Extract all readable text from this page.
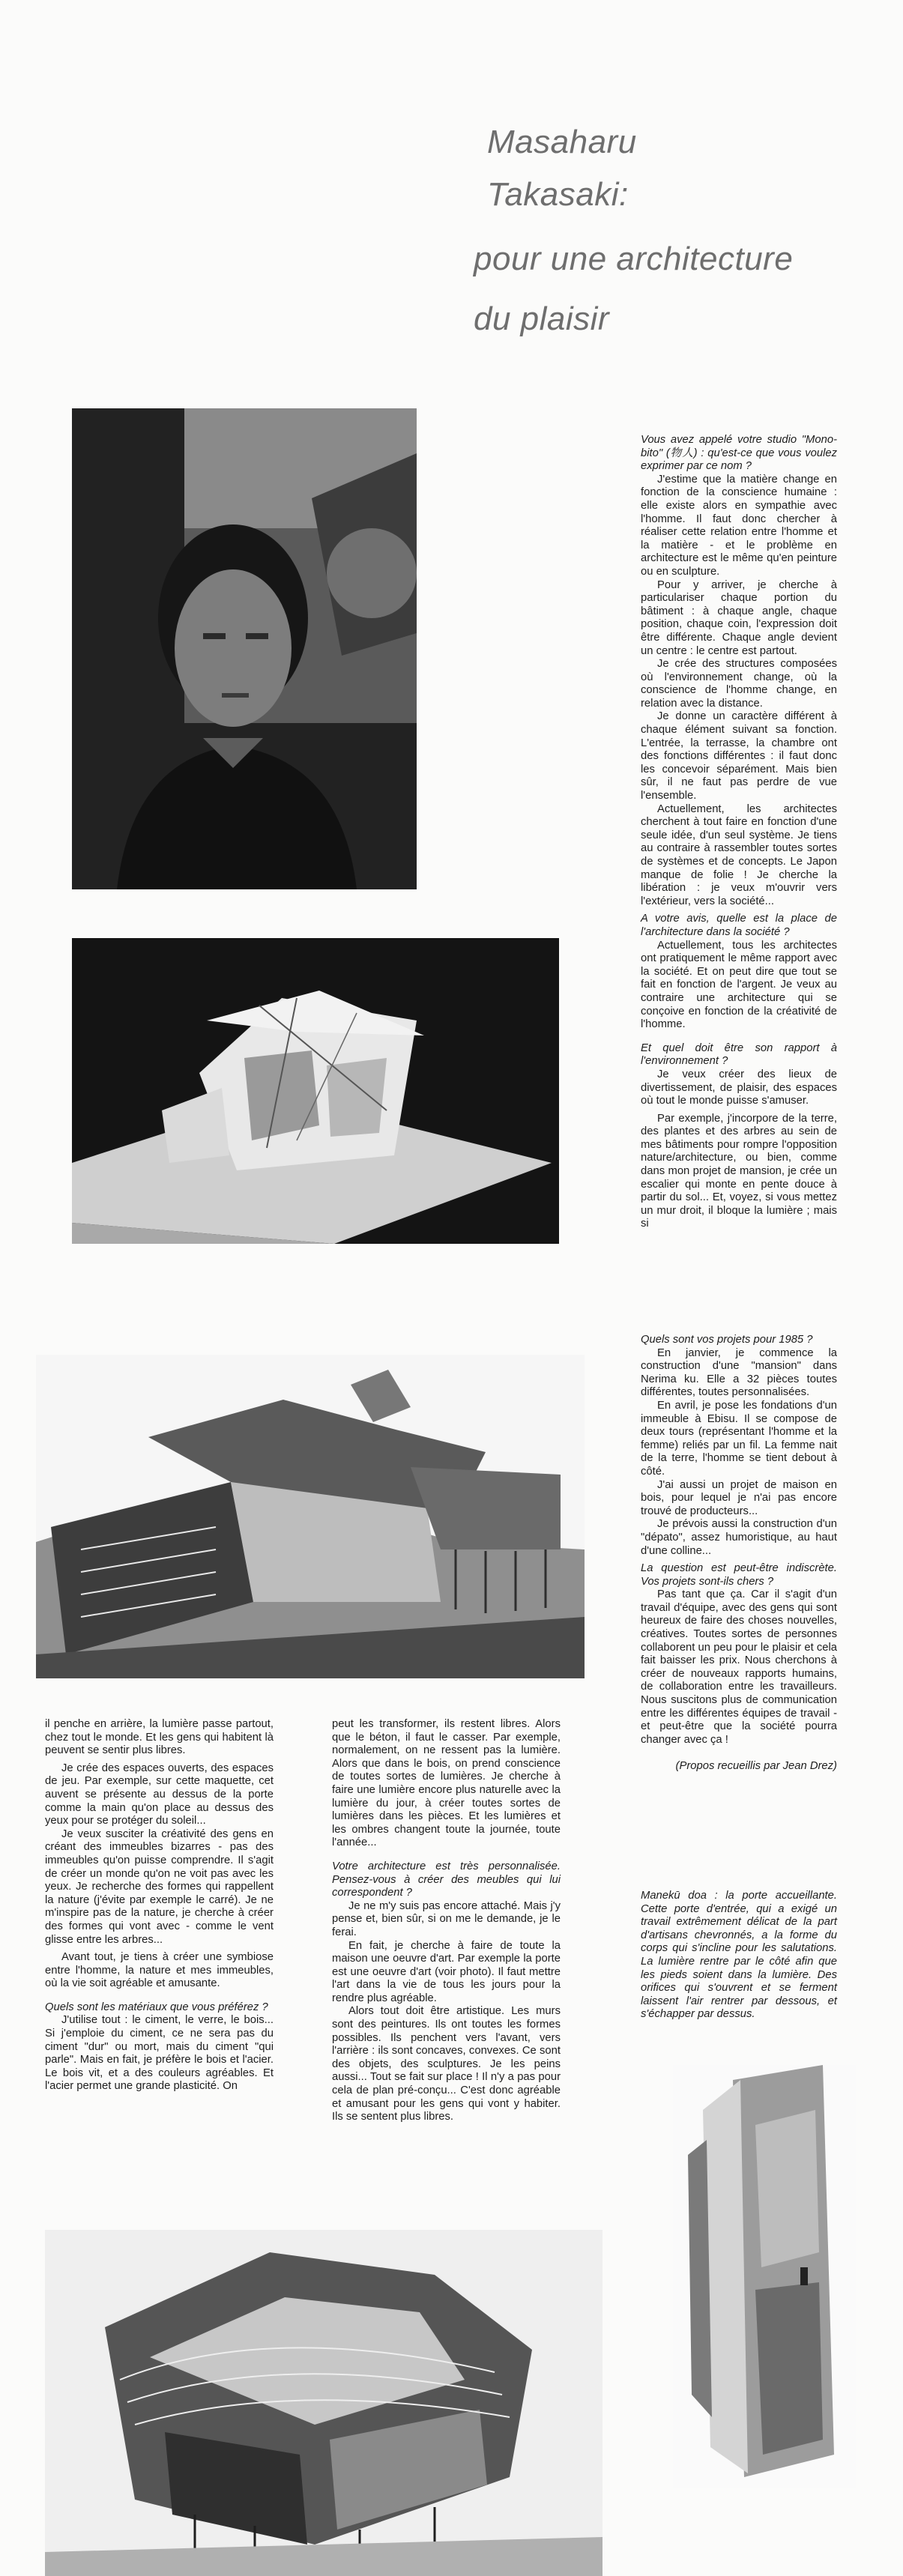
Masaharu
Takasaki:
pour une architecture
du plaisir

Vous avez appelé votre studio "Mono-bito" (物人) : qu'est-ce que vous voulez exprimer par ce nom ?

J'estime que la matière change en fonction de la conscience humaine : elle existe alors en sympathie avec l'homme. Il faut donc chercher à réaliser cette relation entre l'homme et la matière - et le problème en architecture est le même qu'en peinture ou en sculpture.

Pour y arriver, je cherche à particulariser chaque portion du bâtiment : à chaque angle, chaque position, chaque coin, l'expression doit être différente. Chaque angle devient un centre : le centre est partout.

Je crée des structures composées où l'environnement change, où la conscience de l'homme change, en relation avec la distance.

Je donne un caractère différent à chaque élément suivant sa fonction. L'entrée, la terrasse, la chambre ont des fonctions différentes : il faut donc les concevoir séparément. Mais bien sûr, il ne faut pas perdre de vue l'ensemble.

Actuellement, les architectes cherchent à tout faire en fonction d'une seule idée, d'un seul système. Je tiens au contraire à rassembler toutes sortes de systèmes et de concepts. Le Japon manque de folie ! Je cherche la libération : je veux m'ouvrir vers l'extérieur, vers la société...

A votre avis, quelle est la place de l'architecture dans la société ?

Actuellement, tous les architectes ont pratiquement le même rapport avec la société. Et on peut dire que tout se fait en fonction de l'argent. Je veux au contraire une architecture qui se conçoive en fonction de la créativité de l'homme.

Et quel doit être son rapport à l'environnement ?

Je veux créer des lieux de divertissement, de plaisir, des espaces où tout le monde puisse s'amuser.

Par exemple, j'incorpore de la terre, des plantes et des arbres au sein de mes bâtiments pour rompre l'opposition nature/architecture, ou bien, comme dans mon projet de mansion, je crée un escalier qui monte en pente douce à partir du sol... Et, voyez, si vous mettez un mur droit, il bloque la lumière ; mais si

Quels sont vos projets pour 1985 ?

En janvier, je commence la construction d'une "mansion" dans Nerima ku. Elle a 32 pièces toutes différentes, toutes personnalisées.

En avril, je pose les fondations d'un immeuble à Ebisu. Il se compose de deux tours (représentant l'homme et la femme) reliés par un fil. La femme nait de la terre, l'homme se tient debout à côté.

J'ai aussi un projet de maison en bois, pour lequel je n'ai pas encore trouvé de producteurs...

Je prévois aussi la construction d'un "dépato", assez humoristique, au haut d'une colline...

La question est peut-être indiscrète. Vos projets sont-ils chers ?

Pas tant que ça. Car il s'agit d'un travail d'équipe, avec des gens qui sont heureux de faire des choses nouvelles, créatives. Toutes sortes de personnes collaborent un peu pour le plaisir et cela fait baisser les prix. Nous cherchons à créer de nouveaux rapports humains, de collaboration entre les travailleurs. Nous suscitons plus de communication entre les différentes équipes de travail - et peut-être que la société pourra changer avec ça !

(Propos recueillis par Jean Drez)

il penche en arrière, la lumière passe partout, chez tout le monde. Et les gens qui habitent là peuvent se sentir plus libres.

Je crée des espaces ouverts, des espaces de jeu. Par exemple, sur cette maquette, cet auvent se présente au dessus de la porte comme la main qu'on place au dessus des yeux pour se protéger du soleil...

Je veux susciter la créativité des gens en créant des immeubles bizarres - pas des immeubles qu'on puisse comprendre. Il s'agit de créer un monde qu'on ne voit pas avec les yeux. Je recherche des formes qui rappellent la nature (j'évite par exemple le carré). Je ne m'inspire pas de la nature, je cherche à créer des formes qui vont avec - comme le vent glisse entre les arbres...

Avant tout, je tiens à créer une symbiose entre l'homme, la nature et mes immeubles, où la vie soit agréable et amusante.

Quels sont les matériaux que vous préférez ?

J'utilise tout : le ciment, le verre, le bois... Si j'emploie du ciment, ce ne sera pas du ciment "dur" ou mort, mais du ciment "qui parle". Mais en fait, je préfère le bois et l'acier. Le bois vit, et a des couleurs agréables. Et l'acier permet une grande plasticité. On

peut les transformer, ils restent libres. Alors que le béton, il faut le casser. Par exemple, normalement, on ne ressent pas la lumière. Alors que dans le bois, on prend conscience de toutes sortes de lumières. Je cherche à faire une lumière encore plus naturelle avec la lumière du jour, à créer toutes sortes de lumières dans les pièces. Et les lumières et les ombres changent toute la journée, toute l'année...

Votre architecture est très personnalisée. Pensez-vous à créer des meubles qui lui correspondent ?

Je ne m'y suis pas encore attaché. Mais j'y pense et, bien sûr, si on me le demande, je le ferai.

En fait, je cherche à faire de toute la maison une oeuvre d'art. Par exemple la porte est une oeuvre d'art (voir photo). Il faut mettre l'art dans la vie de tous les jours pour la rendre plus agréable.

Alors tout doit être artistique. Les murs sont des peintures. Ils ont toutes les formes possibles. Ils penchent vers l'avant, vers l'arrière : ils sont concaves, convexes. Ce sont des objets, des sculptures. Je les peins aussi... Tout se fait sur place ! Il n'y a pas pour cela de plan pré-conçu... C'est donc agréable et amusant pour les gens qui vont y habiter. Ils se sentent plus libres.

Manekū doa : la porte accueillante. Cette porte d'entrée, qui a exigé un travail extrêmement délicat de la part d'artisans chevronnés, a la forme du corps qui s'incline pour les salutations. La lumière rentre par le côté afin que les pieds soient dans la lumière. Des orifices qui s'ouvrent et se ferment laissent l'air rentrer par dessous, et s'échapper par dessus.
